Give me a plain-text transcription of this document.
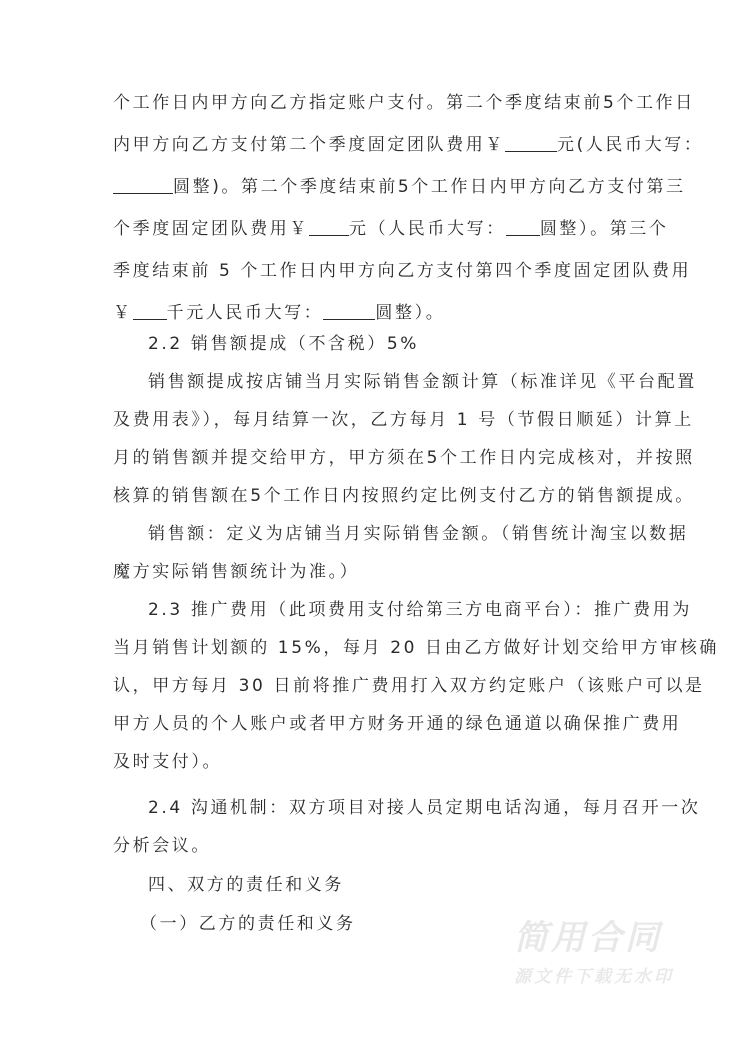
个工作日内甲方向乙方指定账户支付。第二个季度结束前5个工作日
内甲方向乙方支付第二个季度固定团队费用￥	元(人民币大写：
圆整)。第二个季度结束前5个工作日内甲方向乙方支付第三
个季度固定团队费用￥ 元（人民币大写： 圆整）。第三个
季度结束前 5 个工作日内甲方向乙方支付第四个季度固定团队费用
￥ 千元人民币大写：	圆整）。
2.2 销售额提成（不含税）5%
销售额提成按店铺当月实际销售金额计算（标准详见《平台配置
及费用表》），每月结算一次，乙方每月 1 号（节假日顺延）计算上
月的销售额并提交给甲方，甲方须在5个工作日内完成核对，并按照
核算的销售额在5个工作日内按照约定比例支付乙方的销售额提成。
销售额：定义为店铺当月实际销售金额。（销售统计淘宝以数据
魔方实际销售额统计为准。）
2.3 推广费用（此项费用支付给第三方电商平台）：推广费用为
当月销售计划额的 15%，每月 20 日由乙方做好计划交给甲方审核确
认，甲方每月 30 日前将推广费用打入双方约定账户（该账户可以是
甲方人员的个人账户或者甲方财务开通的绿色通道以确保推广费用
及时支付）。
2.4 沟通机制：双方项目对接人员定期电话沟通，每月召开一次
分析会议。
四、双方的责任和义务
（一）乙方的责任和义务	简用合同
源文件下载无水印
